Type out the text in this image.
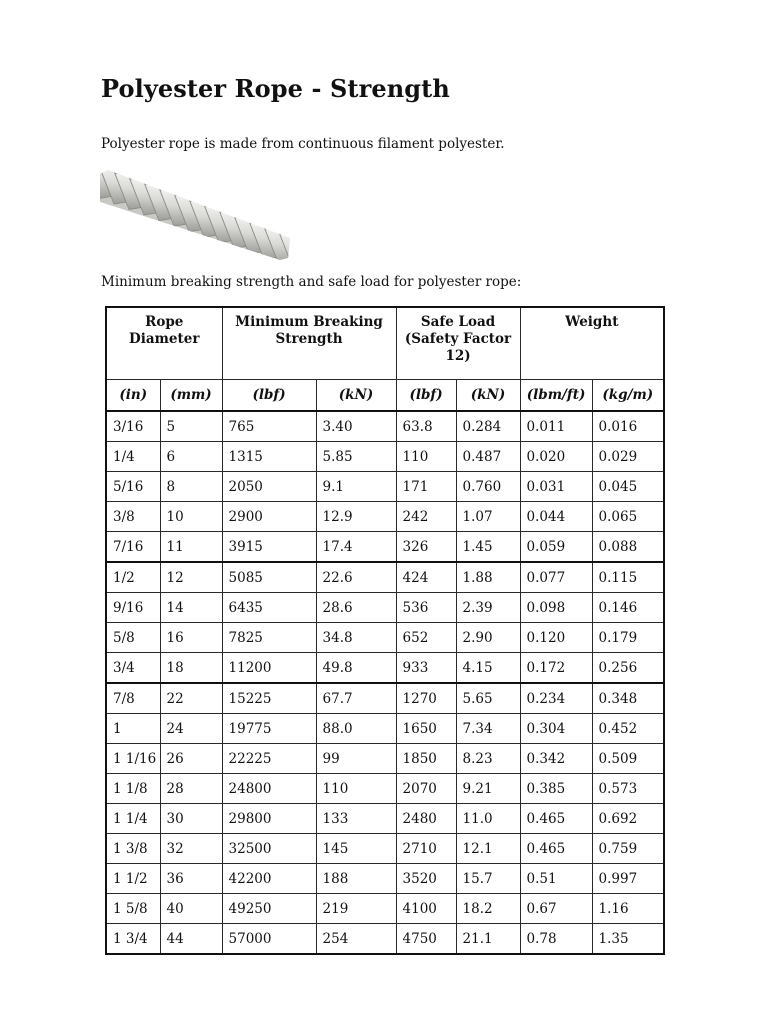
Polyester Rope - Strength

Polyester rope is made from continuous filament polyester.

Minimum breaking strength and safe load for polyester rope:

Rope Diameter		Minimum Breaking Strength		Safe Load (Safety Factor 12)		Weight	
(in)	(mm)	(lbf)	(kN)	(lbf)	(kN)	(lbm/ft)	(kg/m)
3/16	5	765	3.40	63.8	0.284	0.011	0.016
1/4	6	1315	5.85	110	0.487	0.020	0.029
5/16	8	2050	9.1	171	0.760	0.031	0.045
3/8	10	2900	12.9	242	1.07	0.044	0.065
7/16	11	3915	17.4	326	1.45	0.059	0.088
1/2	12	5085	22.6	424	1.88	0.077	0.115
9/16	14	6435	28.6	536	2.39	0.098	0.146
5/8	16	7825	34.8	652	2.90	0.120	0.179
3/4	18	11200	49.8	933	4.15	0.172	0.256
7/8	22	15225	67.7	1270	5.65	0.234	0.348
1	24	19775	88.0	1650	7.34	0.304	0.452
1 1/16	26	22225	99	1850	8.23	0.342	0.509
1 1/8	28	24800	110	2070	9.21	0.385	0.573
1 1/4	30	29800	133	2480	11.0	0.465	0.692
1 3/8	32	32500	145	2710	12.1	0.465	0.759
1 1/2	36	42200	188	3520	15.7	0.51	0.997
1 5/8	40	49250	219	4100	18.2	0.67	1.16
1 3/4	44	57000	254	4750	21.1	0.78	1.35
